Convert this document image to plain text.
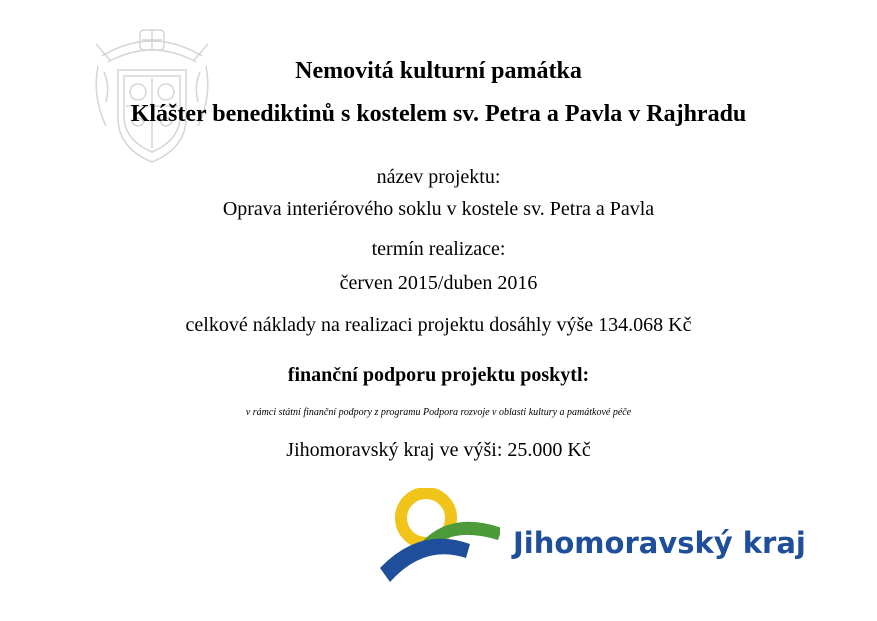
Nemovitá kulturní památka
Klášter benediktinů s kostelem sv. Petra a Pavla v Rajhradu
název projektu:
Oprava interiérového soklu v kostele sv. Petra a Pavla
termín realizace:
červen 2015/duben 2016
celkové náklady na realizaci projektu dosáhly výše 134.068 Kč
finanční podporu projektu poskytl:
v rámci státní finanční podpory z programu Podpora rozvoje v oblasti kultury a památkové péče
Jihomoravský kraj ve výši: 25.000 Kč
Jihomoravský kraj
